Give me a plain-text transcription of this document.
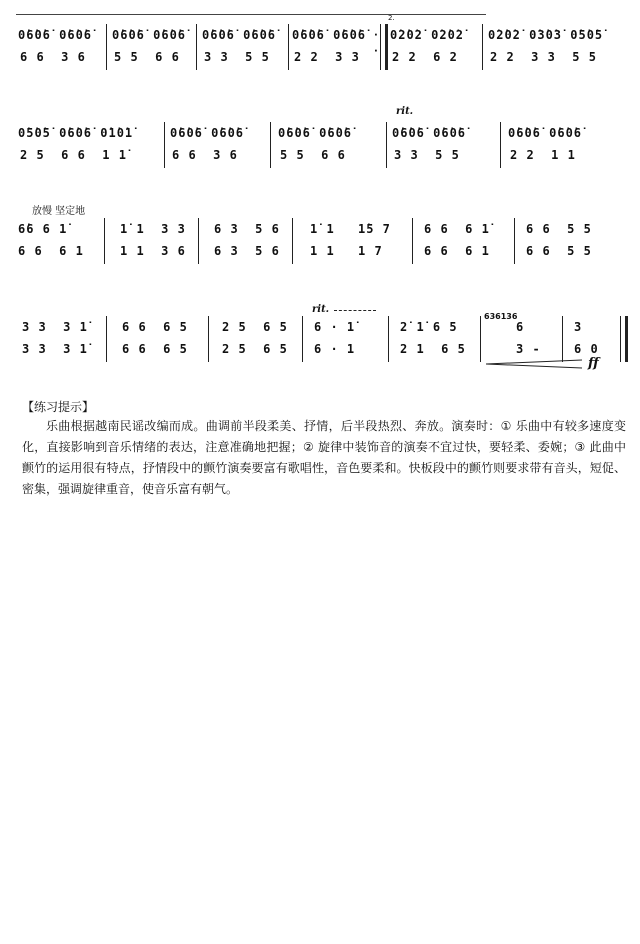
2.
0̇6̇0̇6̇ 0̇6̇0̇6̇
6 6  3 6
0̇6̇0̇6̇ 0̇6̇0̇6̇
5 5  6 6
0̇6̇0̇6̇ 0̇6̇0̇6̇
3 3  5 5
0̇6̇0̇6̇ 0̇6̇0̇6̇
2 2  3 3
·

·
0̇2̇0̇2̇ 0̇2̇0̇2̇
2 2  6 2
0̇2̇0̇2̇ 0̇3̇0̇3̇ 0̇5̇0̇5̇
2 2  3 3  5 5
rit.
0̇5̇0̇5̇ 0̇6̇0̇6̇ 0̇1̇0̇1̇
2 5  6 6  1 1̇
0̇6̇0̇6̇ 0̇6̇0̇6̇
6 6  3 6
0̇6̇0̇6̇ 0̇6̇0̇6̇
5 5  6 6
0̇6̇0̇6̇ 0̇6̇0̇6̇
3 3  5 5
0̇6̇0̇6̇ 0̇6̇0̇6̇
2 2  1 1
放慢 坚定地
6̇6 6 1̇
6 6  6 1
1̇ 1  3 3
1 1  3 6
6 3  5 6
6 3  5 6
1̇ 1
1 1
1̇5 7
1 7
6 6  6 1̇
6 6  6 1
6 6  5 5
6 6  5 5
rit.
3 3  3 1̇
3 3  3 1̇
6 6  6 5
6 6  6 5
2 5  6 5
2 5  6 5
6 · 1̇
6 · 1
2̇ 1̇ 6 5
2 1  6 5
636136
6
3 -
3
6 0
ff
【练习提示】
乐曲根据越南民谣改编而成。曲调前半段柔美、抒情，后半段热烈、奔放。演奏时：① 乐曲中有较多速度变化，直接影响到音乐情绪的表达，注意准确地把握；② 旋律中装饰音的演奏不宜过快，要轻柔、委婉；③ 此曲中颤竹的运用很有特点，抒情段中的颤竹演奏要富有歌唱性，音色要柔和。快板段中的颤竹则要求带有音头，短促、密集，强调旋律重音，使音乐富有朝气。
